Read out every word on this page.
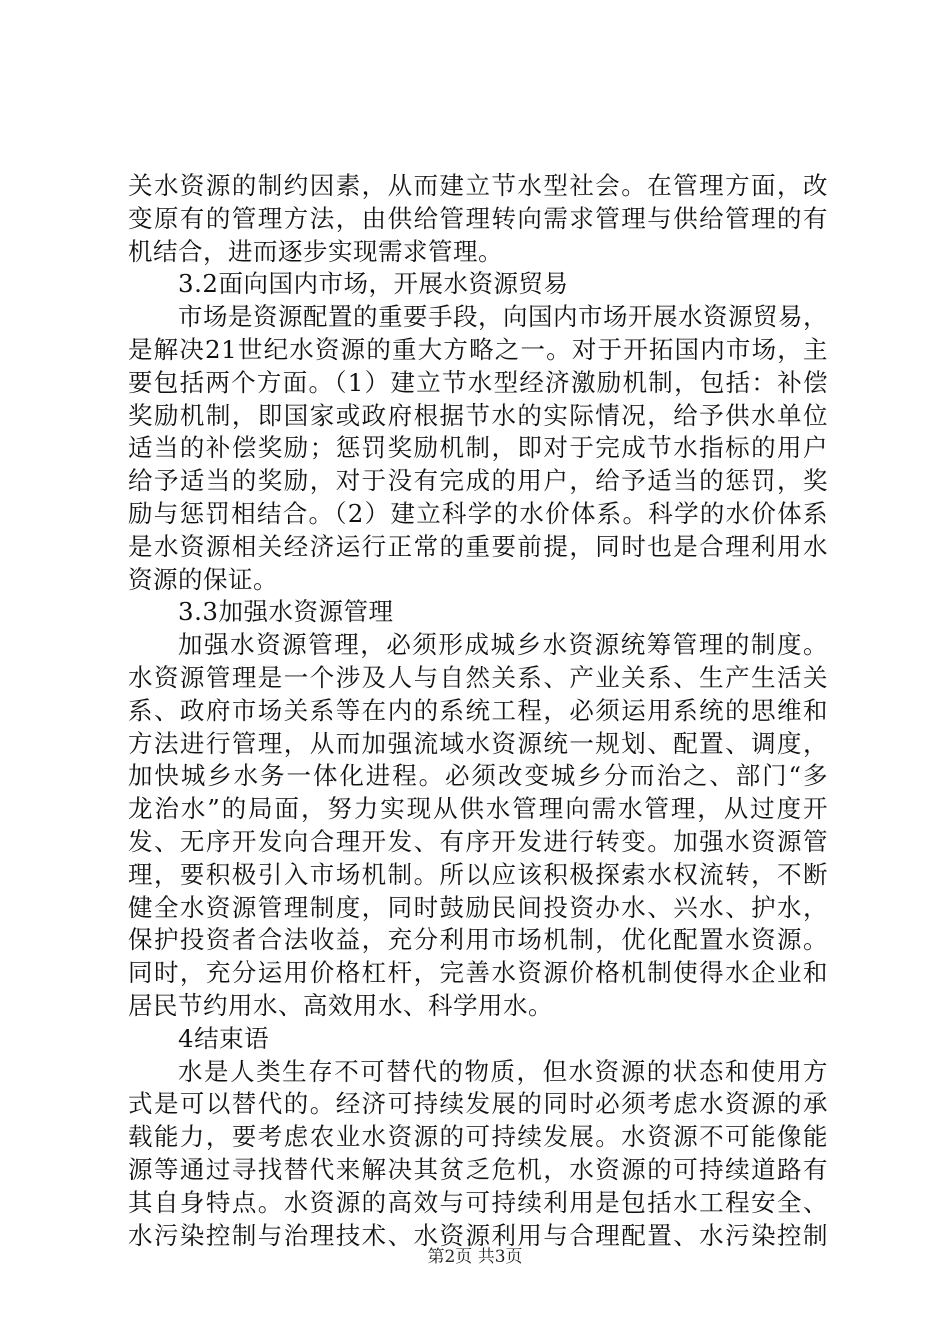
关水资源的制约因素，从而建立节水型社会。在管理方面，改
变原有的管理方法，由供给管理转向需求管理与供给管理的有
机结合，进而逐步实现需求管理。
3.2面向国内市场，开展水资源贸易
市场是资源配置的重要手段，向国内市场开展水资源贸易，
是解决21世纪水资源的重大方略之一。对于开拓国内市场，主
要包括两个方面。（1）建立节水型经济激励机制，包括：补偿
奖励机制，即国家或政府根据节水的实际情况，给予供水单位
适当的补偿奖励；惩罚奖励机制，即对于完成节水指标的用户
给予适当的奖励，对于没有完成的用户，给予适当的惩罚，奖
励与惩罚相结合。（2）建立科学的水价体系。科学的水价体系
是水资源相关经济运行正常的重要前提，同时也是合理利用水
资源的保证。
3.3加强水资源管理
加强水资源管理，必须形成城乡水资源统筹管理的制度。
水资源管理是一个涉及人与自然关系、产业关系、生产生活关
系、政府市场关系等在内的系统工程，必须运用系统的思维和
方法进行管理，从而加强流域水资源统一规划、配置、调度，
加快城乡水务一体化进程。必须改变城乡分而治之、部门“多
龙治水”的局面，努力实现从供水管理向需水管理，从过度开
发、无序开发向合理开发、有序开发进行转变。加强水资源管
理，要积极引入市场机制。所以应该积极探索水权流转，不断
健全水资源管理制度，同时鼓励民间投资办水、兴水、护水，
保护投资者合法收益，充分利用市场机制，优化配置水资源。
同时，充分运用价格杠杆，完善水资源价格机制使得水企业和
居民节约用水、高效用水、科学用水。
4结束语
水是人类生存不可替代的物质，但水资源的状态和使用方
式是可以替代的。经济可持续发展的同时必须考虑水资源的承
载能力，要考虑农业水资源的可持续发展。水资源不可能像能
源等通过寻找替代来解决其贫乏危机，水资源的可持续道路有
其自身特点。水资源的高效与可持续利用是包括水工程安全、
水污染控制与治理技术、水资源利用与合理配置、水污染控制
第2页 共3页
